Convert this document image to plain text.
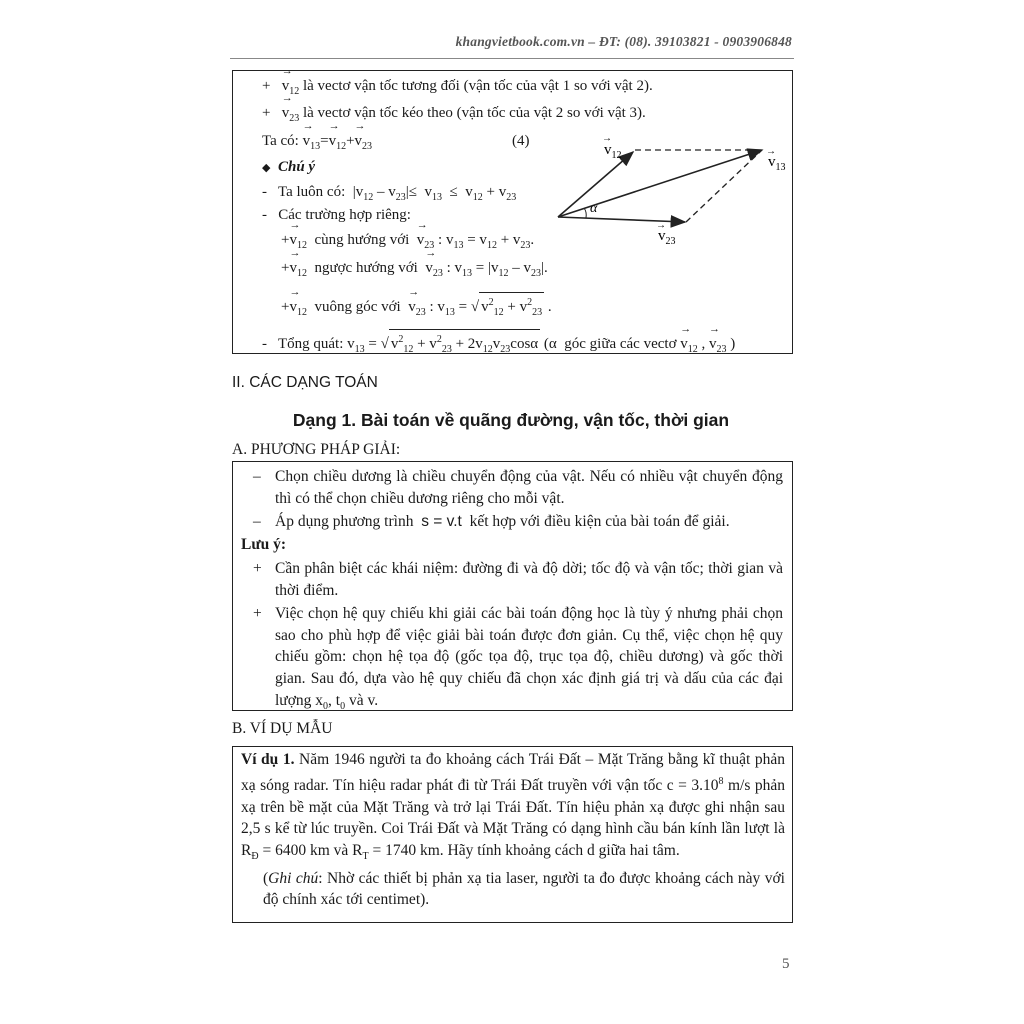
khangvietbook.com.vn – ĐT: (08). 39103821 - 0903906848
+ → $v_{12}$ là vectơ vận tốc tương đối (vận tốc của vật 1 so với vật 2).
+ → $v_{23}$ là vectơ vận tốc kéo theo (vận tốc của vật 2 so với vật 3).
Ta có: → $v_{13}=\to v_{12}+\to v_{23}$	(4)
◆ Chú ý
- Ta luôn có:  $|v_{12} - v_{23}|\le v_{13} \le v_{12} + v_{23}$
- Các trường hợp riêng:
+→ $v_{12}$ cùng hướng với → $v_{23}$ : $v_{13} = v_{12} + v_{23}$.
+→ $v_{12}$ ngược hướng với → $v_{23}$ : $v_{13} = |v_{12} - v_{23}|$.
+→ $v_{12}$ vuông góc với → $v_{23}$ : $v_{13}$ = √ $v^2_{12} + v^2_{23}$ .
- Tổng quát: $v_{13}$ = √ $v^2_{12} + v^2_{23} + 2v_{12}v_{23}\cos\alpha$ (α góc giữa các vectơ → $v_{12}$ , → $v_{23}$ )
$v_{12}$	$v_{13}$
$v_{23}$
α
→
→
→
II. CÁC DẠNG TOÁN
Dạng 1. Bài toán về quãng đường, vận tốc, thời gian
A. PHƯƠNG PHÁP GIẢI:
– Chọn chiều dương là chiều chuyển động của vật. Nếu có nhiều vật chuyển động thì có thể chọn chiều dương riêng cho mỗi vật.
– Áp dụng phương trình s = v.t kết hợp với điều kiện của bài toán để giải.
Lưu ý:
+ Cần phân biệt các khái niệm: đường đi và độ dời; tốc độ và vận tốc; thời gian và thời điểm.
+ Việc chọn hệ quy chiếu khi giải các bài toán động học là tùy ý nhưng phải chọn sao cho phù hợp để việc giải bài toán được đơn giản. Cụ thể, việc chọn hệ quy chiếu gồm: chọn hệ tọa độ (gốc tọa độ, trục tọa độ, chiều dương) và gốc thời gian. Sau đó, dựa vào hệ quy chiếu đã chọn xác định giá trị và dấu của các đại lượng $x_0$, $t_0$ và v.
B. VÍ DỤ MẪU
Ví dụ 1. Năm 1946 người ta đo khoảng cách Trái Đất – Mặt Trăng bằng kĩ thuật phản xạ sóng radar. Tín hiệu radar phát đi từ Trái Đất truyền với vận tốc $c = 3.10^8$ m/s phản xạ trên bề mặt của Mặt Trăng và trở lại Trái Đất. Tín hiệu phản xạ được ghi nhận sau 2,5 s kể từ lúc truyền. Coi Trái Đất và Mặt Trăng có dạng hình cầu bán kính lần lượt là $R_Đ = 6400$ km và $R_T = 1740$ km. Hãy tính khoảng cách d giữa hai tâm.
(Ghi chú: Nhờ các thiết bị phản xạ tia laser, người ta đo được khoảng cách này với độ chính xác tới centimet).
5
